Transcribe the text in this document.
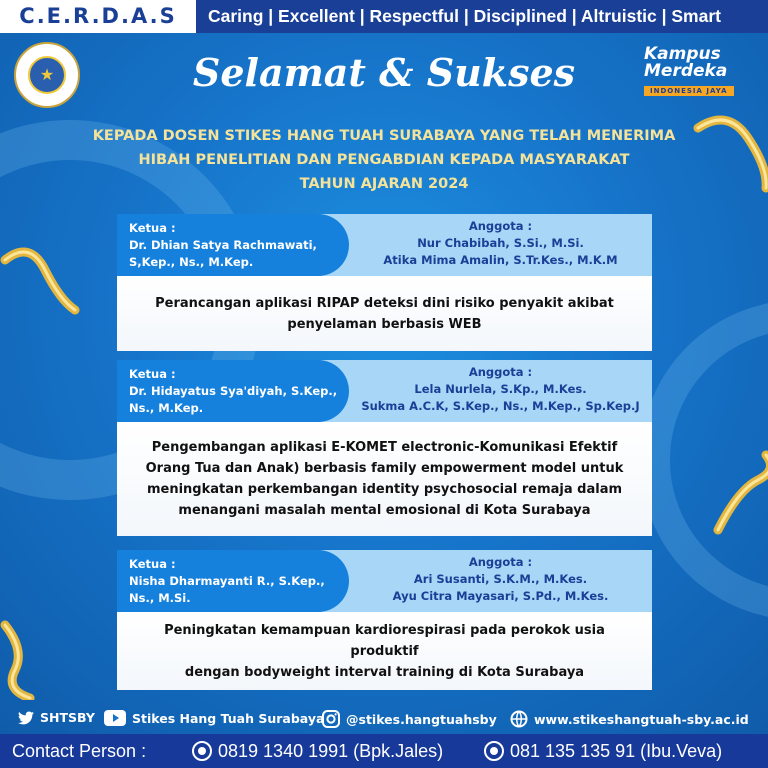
C.E.R.D.A.S	Caring | Excellent | Respectful | Disciplined | Altruistic | Smart
★	Selamat & Sukses	Kampus
Merdeka
INDONESIA JAYA
KEPADA DOSEN STIKES HANG TUAH SURABAYA YANG TELAH MENERIMA
HIBAH PENELITIAN DAN PENGABDIAN KEPADA MASYARAKAT
TAHUN AJARAN 2024
Ketua :
Dr. Dhian Satya Rachmawati,
S,Kep., Ns., M.Kep.
Anggota :
Nur Chabibah, S.Si., M.Si.
Atika Mima Amalin, S.Tr.Kes., M.K.M
Perancangan aplikasi RIPAP deteksi dini risiko penyakit akibat
penyelaman berbasis WEB
Ketua :
Dr. Hidayatus Sya'diyah, S.Kep.,
Ns., M.Kep.
Anggota :
Lela Nurlela, S.Kp., M.Kes.
Sukma A.C.K, S.Kep., Ns., M.Kep., Sp.Kep.J
Pengembangan aplikasi E-KOMET electronic-Komunikasi Efektif
Orang Tua dan Anak) berbasis family empowerment model untuk
meningkatan perkembangan identity psychosocial remaja dalam
menangani masalah mental emosional di Kota Surabaya
Ketua :
Nisha Dharmayanti R., S.Kep.,
Ns., M.Si.
Anggota :
Ari Susanti, S.K.M., M.Kes.
Ayu Citra Mayasari, S.Pd., M.Kes.
Peningkatan kemampuan kardiorespirasi pada perokok usia produktif
dengan bodyweight interval training di Kota Surabaya
SHTSBY	Stikes Hang Tuah Surabaya @stikes.hangtuahsby	www.stikeshangtuah-sby.ac.id
Contact Person :	0819 1340 1991 (Bpk.Jales)	081 135 135 91 (Ibu.Veva)
